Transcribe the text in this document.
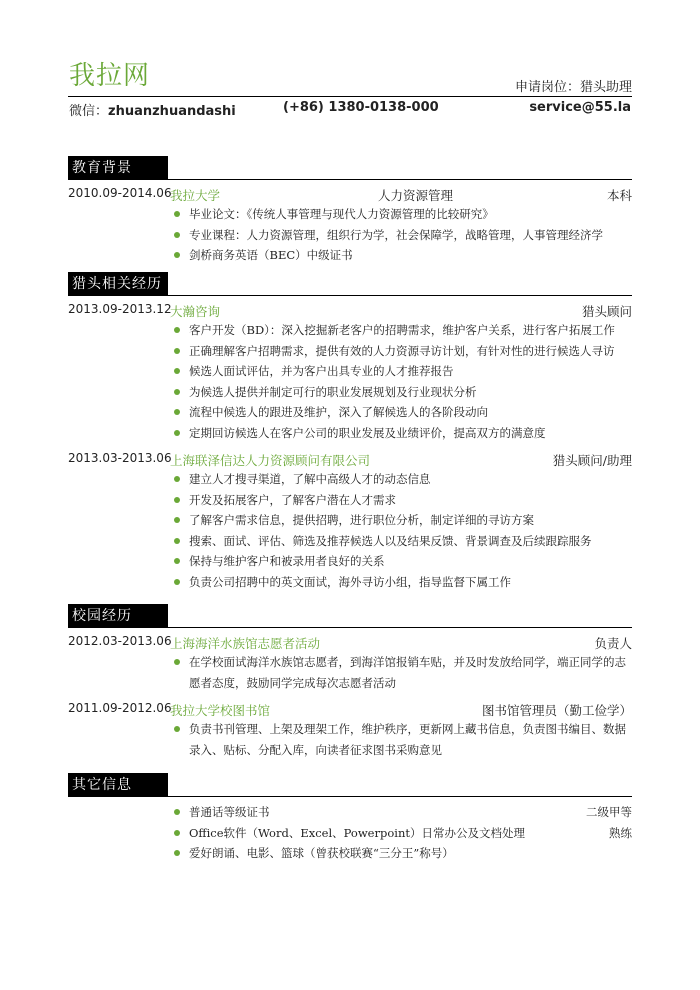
我拉网	申请岗位：猎头助理
微信：zhuanzhuandashi	(+86) 1380-0138-000	service@55.la
教育背景
2010.09-2014.06
我拉大学	人力资源管理	本科
毕业论文：《传统人事管理与现代人力资源管理的比较研究》
专业课程：人力资源管理，组织行为学，社会保障学，战略管理，人事管理经济学
剑桥商务英语（BEC）中级证书
猎头相关经历
2013.09-2013.12
大瀚咨询	猎头顾问
客户开发（BD）：深入挖掘新老客户的招聘需求，维护客户关系，进行客户拓展工作
正确理解客户招聘需求，提供有效的人力资源寻访计划，有针对性的进行候选人寻访
候选人面试评估，并为客户出具专业的人才推荐报告
为候选人提供并制定可行的职业发展规划及行业现状分析
流程中候选人的跟进及维护，深入了解候选人的各阶段动向
定期回访候选人在客户公司的职业发展及业绩评价，提高双方的满意度
2013.03-2013.06
上海联泽信达人力资源顾问有限公司	猎头顾问/助理
建立人才搜寻渠道，了解中高级人才的动态信息
开发及拓展客户，了解客户潜在人才需求
了解客户需求信息，提供招聘，进行职位分析，制定详细的寻访方案
搜索、面试、评估、筛选及推荐候选人以及结果反馈、背景调查及后续跟踪服务
保持与维护客户和被录用者良好的关系
负责公司招聘中的英文面试，海外寻访小组，指导监督下属工作
校园经历
2012.03-2013.06
上海海洋水族馆志愿者活动	负责人
在学校面试海洋水族馆志愿者，到海洋馆报销车贴，并及时发放给同学，端正同学的志愿者态度，鼓励同学完成每次志愿者活动
2011.09-2012.06
我拉大学校图书馆	图书馆管理员（勤工俭学）
负责书刊管理、上架及理架工作，维护秩序，更新网上藏书信息，负责图书编目、数据录入、贴标、分配入库，向读者征求图书采购意见
其它信息
普通话等级证书	二级甲等
Office软件（Word、Excel、Powerpoint）日常办公及文档处理	熟练
爱好朗诵、电影、篮球（曾获校联赛“三分王”称号）
